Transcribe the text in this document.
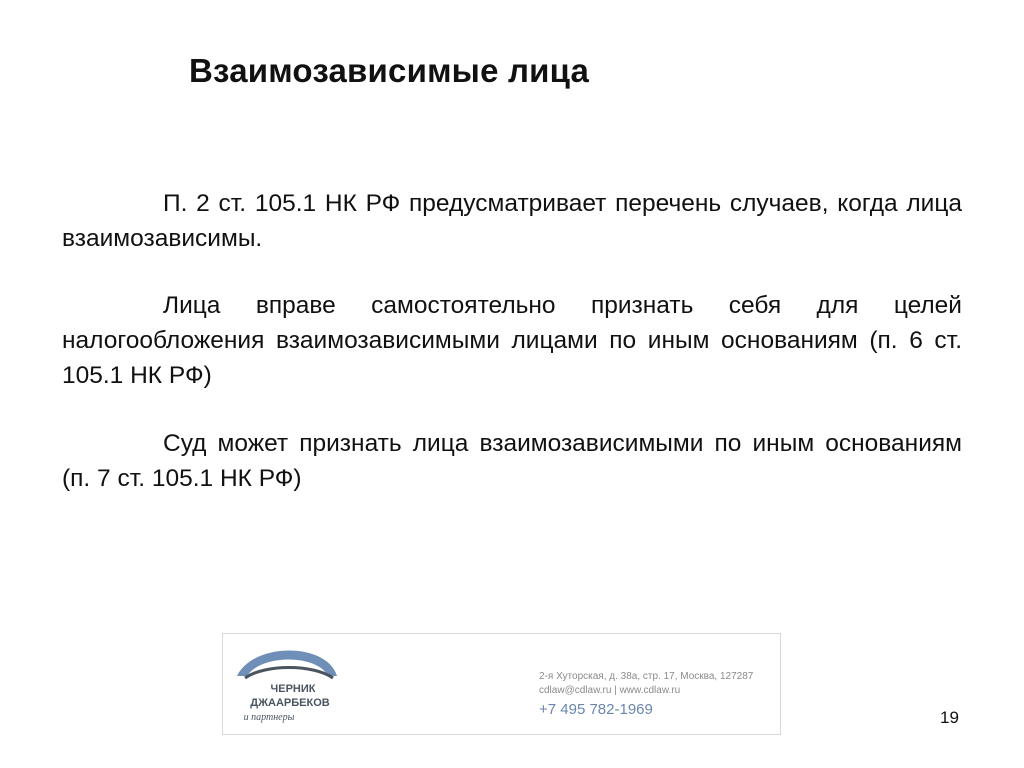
Взаимозависимые лица
П. 2 ст. 105.1 НК РФ предусматривает перечень случаев, когда лица взаимозависимы.
Лица вправе самостоятельно признать себя для целей налогообложения взаимозависимыми лицами по иным основаниям (п. 6 ст. 105.1 НК РФ)
Суд может признать лица взаимозависимыми по иным основаниям (п. 7 ст. 105.1 НК РФ)
ЧЕРНИК
ДЖААРБЕКОВ
и партнеры
2-я Хуторская, д. 38а, стр. 17, Москва, 127287
cdlaw@cdlaw.ru | www.cdlaw.ru
+7 495 782-1969	19
